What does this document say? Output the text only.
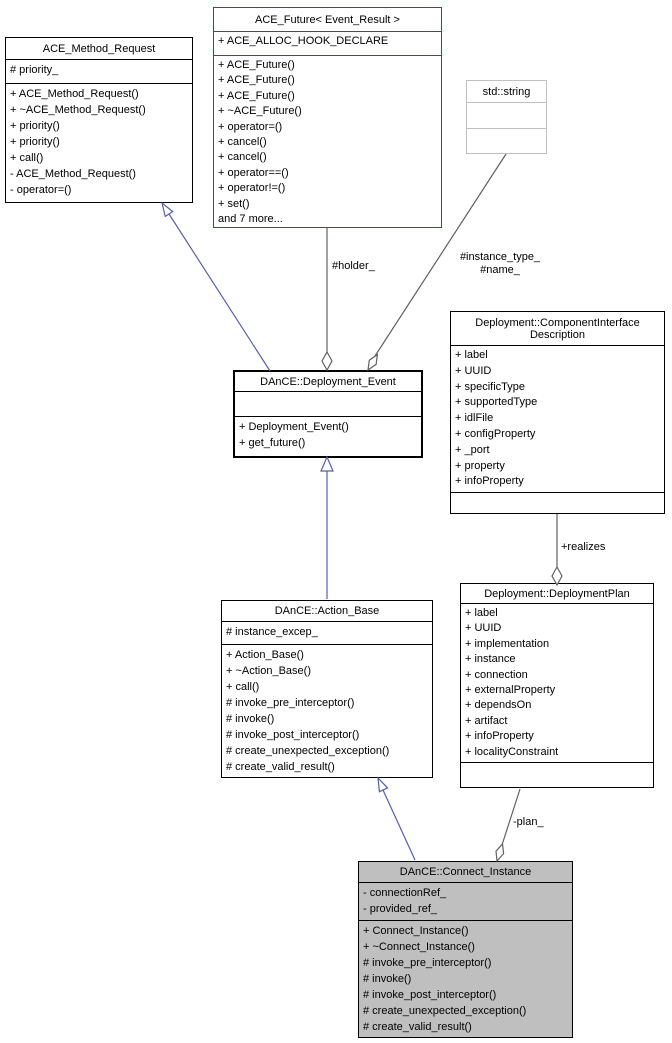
ACE_Method_Request
# priority_
+ ACE_Method_Request()
+ ~ACE_Method_Request()
+ priority()
+ priority()
+ call()
- ACE_Method_Request()
- operator=()
ACE_Future< Event_Result >
+ ACE_ALLOC_HOOK_DECLARE
+ ACE_Future()
+ ACE_Future()
+ ACE_Future()
+ ~ACE_Future()
+ operator=()
+ cancel()
+ cancel()
+ operator==()
+ operator!=()
+ set()
and 7 more...
std::string
Deployment::ComponentInterface
Description
+ label
+ UUID
+ specificType
+ supportedType
+ idlFile
+ configProperty
+ _port
+ property
+ infoProperty
DAnCE::Deployment_Event
+ Deployment_Event()
+ get_future()
DAnCE::Action_Base
# instance_excep_
+ Action_Base()
+ ~Action_Base()
+ call()
# invoke_pre_interceptor()
# invoke()
# invoke_post_interceptor()
# create_unexpected_exception()
# create_valid_result()
Deployment::DeploymentPlan
+ label
+ UUID
+ implementation
+ instance
+ connection
+ externalProperty
+ dependsOn
+ artifact
+ infoProperty
+ localityConstraint
DAnCE::Connect_Instance
- connectionRef_
- provided_ref_
+ Connect_Instance()
+ ~Connect_Instance()
# invoke_pre_interceptor()
# invoke()
# invoke_post_interceptor()
# create_unexpected_exception()
# create_valid_result()
#holder_
#instance_type_
#name_
+realizes
-plan_
